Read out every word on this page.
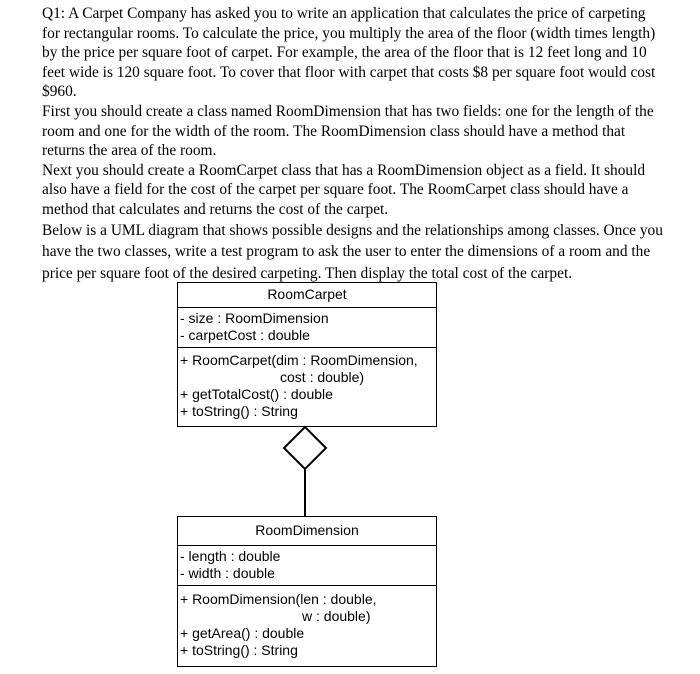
Q1: A Carpet Company has asked you to write an application that calculates the price of carpeting for rectangular rooms. To calculate the price, you multiply the area of the floor (width times length) by the price per square foot of carpet. For example, the area of the floor that is 12 feet long and 10 feet wide is 120 square foot. To cover that floor with carpet that costs $8 per square foot would cost $960.

First you should create a class named RoomDimension that has two fields: one for the length of the room and one for the width of the room. The RoomDimension class should have a method that returns the area of the room.

Next you should create a RoomCarpet class that has a RoomDimension object as a field. It should also have a field for the cost of the carpet per square foot. The RoomCarpet class should have a method that calculates and returns the cost of the carpet.

Below is a UML diagram that shows possible designs and the relationships among classes. Once you have the two classes, write a test program to ask the user to enter the dimensions of a room and the price per square foot of the desired carpeting. Then display the total cost of the carpet.

RoomCarpet
- size : RoomDimension
- carpetCost : double
+ RoomCarpet(dim : RoomDimension,
cost : double)
+ getTotalCost() : double
+ toString() : String
RoomDimension
- length : double
- width : double
+ RoomDimension(len : double,
w : double)
+ getArea() : double
+ toString() : String
